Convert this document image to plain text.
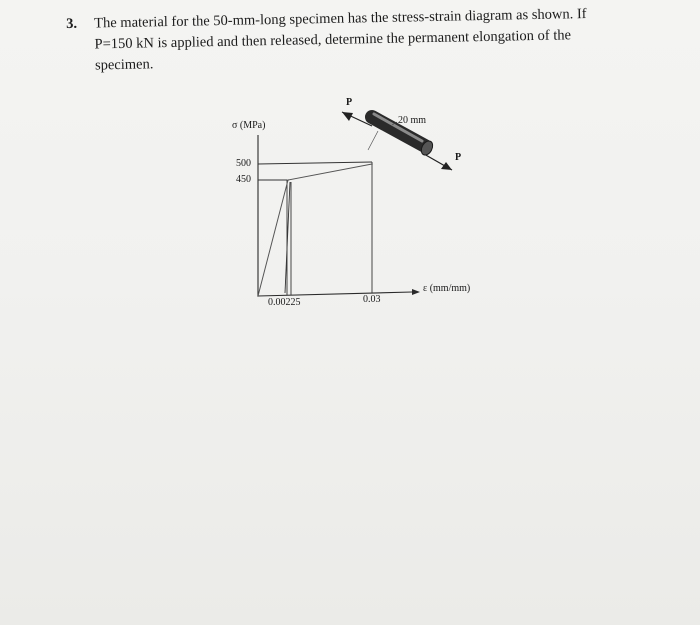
3. The material for the 50-mm-long specimen has the stress-strain diagram as shown. If
P=150 kN is applied and then released, determine the permanent elongation of the
specimen.
σ (MPa)
500
450
0.00225	0.03
ε (mm/mm)
P
P
20 mm
